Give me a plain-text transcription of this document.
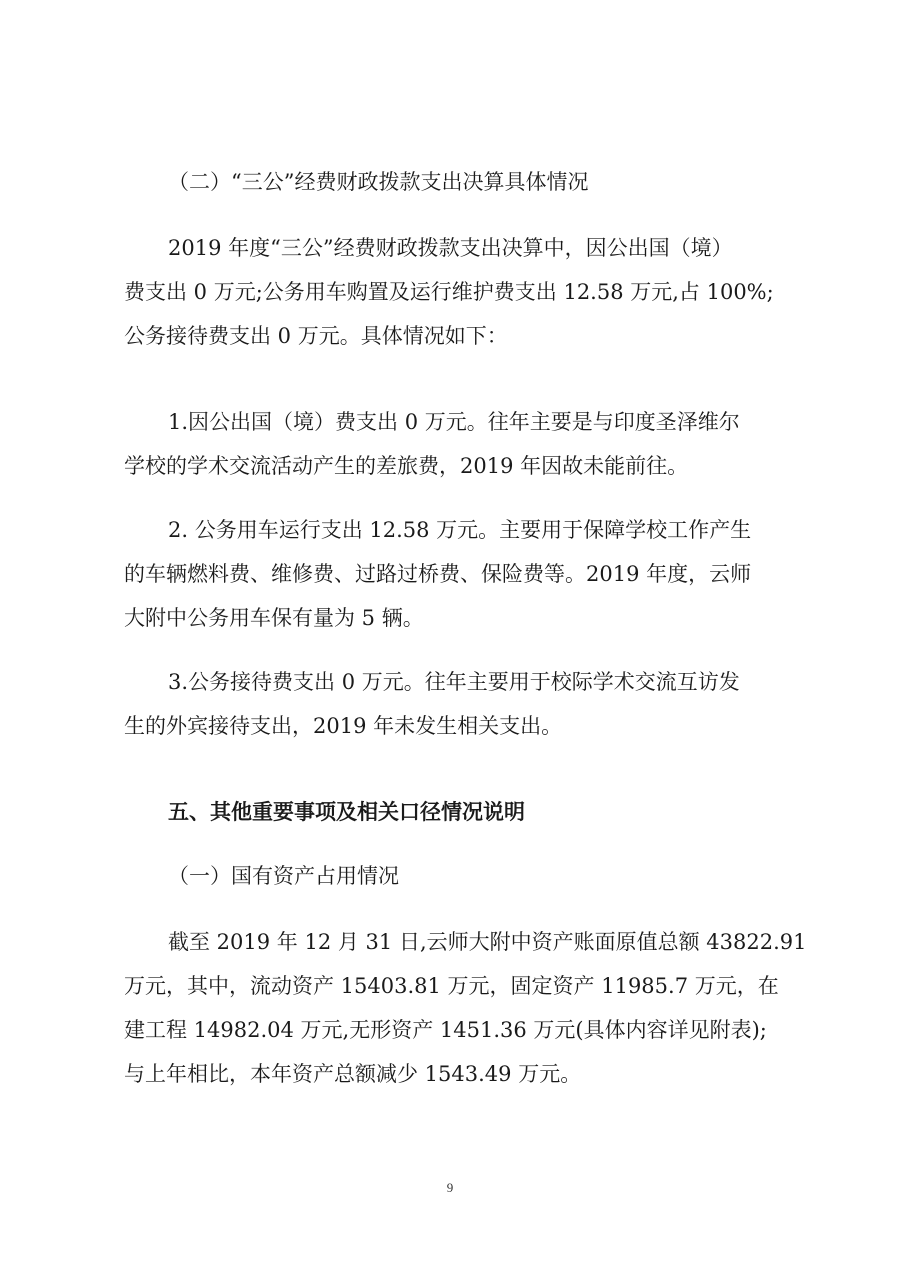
（二）“三公”经费财政拨款支出决算具体情况
2019 年度“三公”经费财政拨款支出决算中，因公出国（境）
费支出 0 万元;公务用车购置及运行维护费支出 12.58 万元,占 100%;
公务接待费支出 0 万元。具体情况如下：
1.因公出国（境）费支出 0 万元。往年主要是与印度圣泽维尔
学校的学术交流活动产生的差旅费，2019 年因故未能前往。
2. 公务用车运行支出 12.58 万元。主要用于保障学校工作产生
的车辆燃料费、维修费、过路过桥费、保险费等。2019 年度，云师
大附中公务用车保有量为 5 辆。
3.公务接待费支出 0 万元。往年主要用于校际学术交流互访发
生的外宾接待支出，2019 年未发生相关支出。
五、其他重要事项及相关口径情况说明
（一）国有资产占用情况
截至 2019 年 12 月 31 日,云师大附中资产账面原值总额 43822.91
万元，其中，流动资产 15403.81 万元，固定资产 11985.7 万元，在
建工程 14982.04 万元,无形资产 1451.36 万元(具体内容详见附表);
与上年相比，本年资产总额减少 1543.49 万元。
9
